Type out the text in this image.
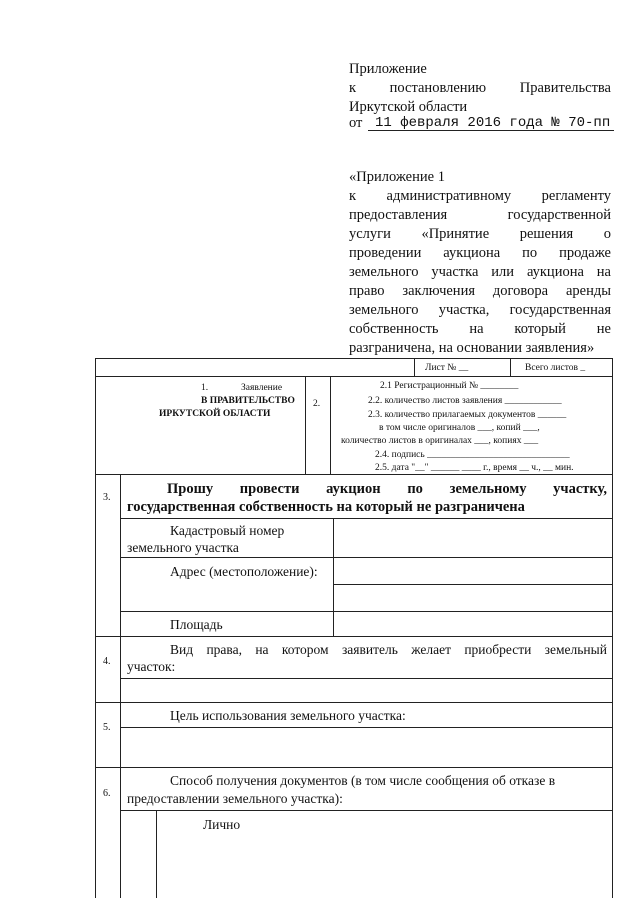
Приложение
к постановлению Правительства
Иркутской области
от 11 февраля 2016 года № 70-пп
«Приложение 1
к административному регламенту
предоставления	государственной
услуги «Принятие решения о
проведении аукциона по продаже
земельного участка или аукциона на
право заключения договора аренды
земельного участка, государственная
собственность на который не
разграничена, на основании заявления»
Лист № __	Всего листов _
1.	Заявление
В ПРАВИТЕЛЬСТВО
ИРКУТСКОЙ ОБЛАСТИ
2.
2.1 Регистрационный № ________
2.2. количество листов заявления ____________
2.3. количество прилагаемых документов ______
в том числе оригиналов ___, копий ___,
количество листов в оригиналах ___, копиях ___
2.4. подпись ______________________________
2.5. дата "__" ______ ____ г., время __ ч., __ мин.
3.
Прошу провести аукцион по земельному участку,
государственная собственность на который не разграничена
Кадастровый номер
земельного участка
Адрес (местоположение):
Площадь
4.
Вид права, на котором заявитель желает приобрести земельный
участок:
5.
Цель использования земельного участка:
6.
Способ получения документов (в том числе сообщения об отказе в
предоставлении земельного участка):
Лично
